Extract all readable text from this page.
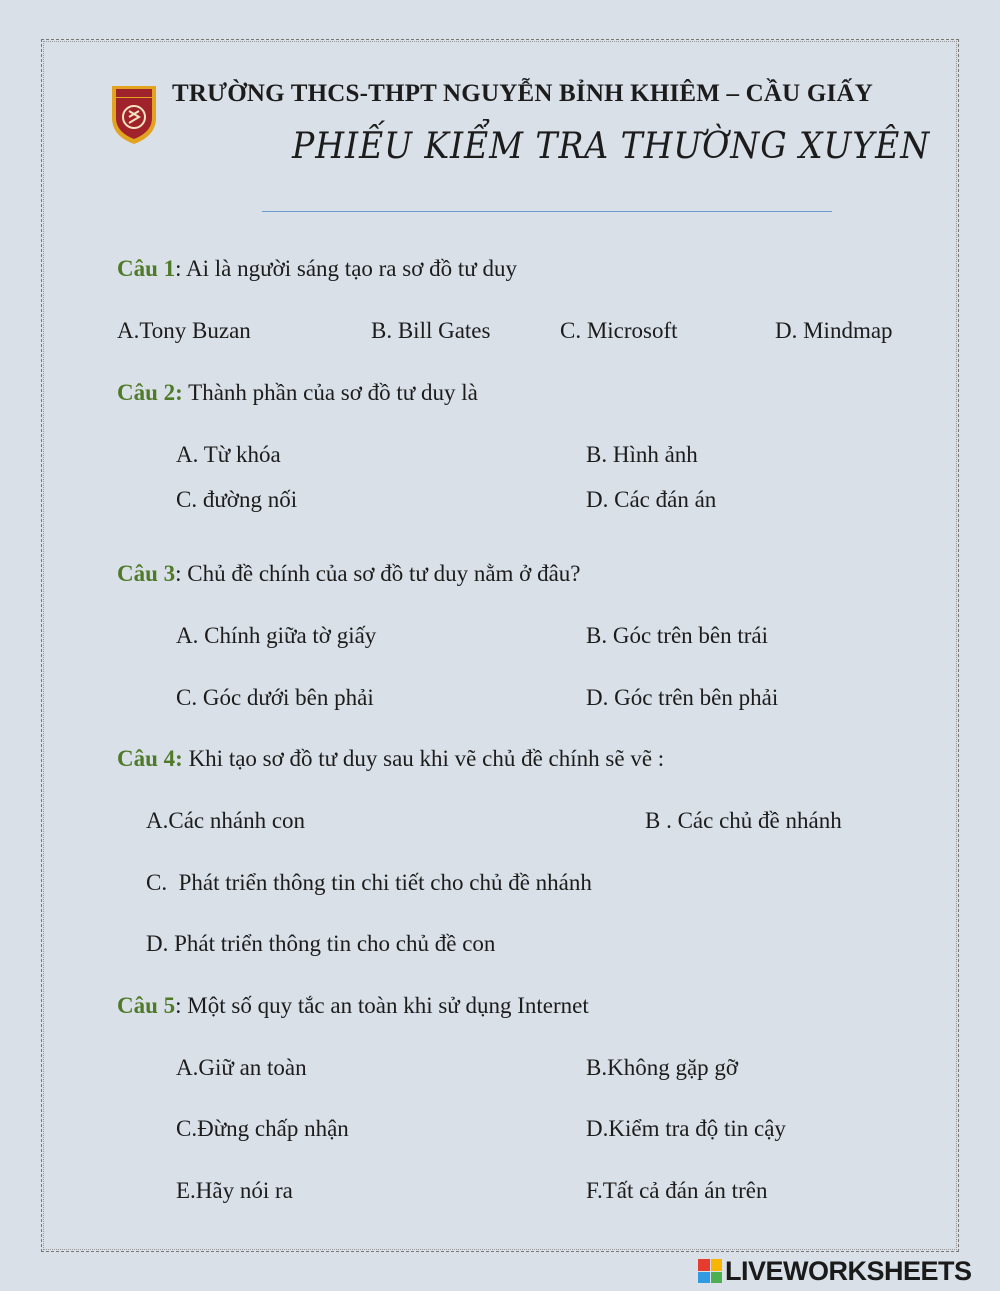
TRƯỜNG THCS-THPT NGUYỄN BỈNH KHIÊM – CẦU GIẤY
PHIẾU KIỂM TRA THƯỜNG XUYÊN
Câu 1: Ai là người sáng tạo ra sơ đồ tư duy
A.Tony Buzan	B. Bill Gates	C. Microsoft	D. Mindmap
Câu 2: Thành phần của sơ đồ tư duy là
A. Từ khóa	B. Hình ảnh
C. đường nối	D. Các đán án
Câu 3: Chủ đề chính của sơ đồ tư duy nằm ở đâu?
A. Chính giữa tờ giấy	B. Góc trên bên trái
C. Góc dưới bên phải	D. Góc trên bên phải
Câu 4: Khi tạo sơ đồ tư duy sau khi vẽ chủ đề chính sẽ vẽ :
A.Các nhánh con	B . Các chủ đề nhánh
C.  Phát triển thông tin chi tiết cho chủ đề nhánh
D. Phát triển thông tin cho chủ đề con
Câu 5: Một số quy tắc an toàn khi sử dụng Internet
A.Giữ an toàn	B.Không gặp gỡ
C.Đừng chấp nhận	D.Kiểm tra độ tin cậy
E.Hãy nói ra	F.Tất cả đán án trên
LIVEWORKSHEETS
